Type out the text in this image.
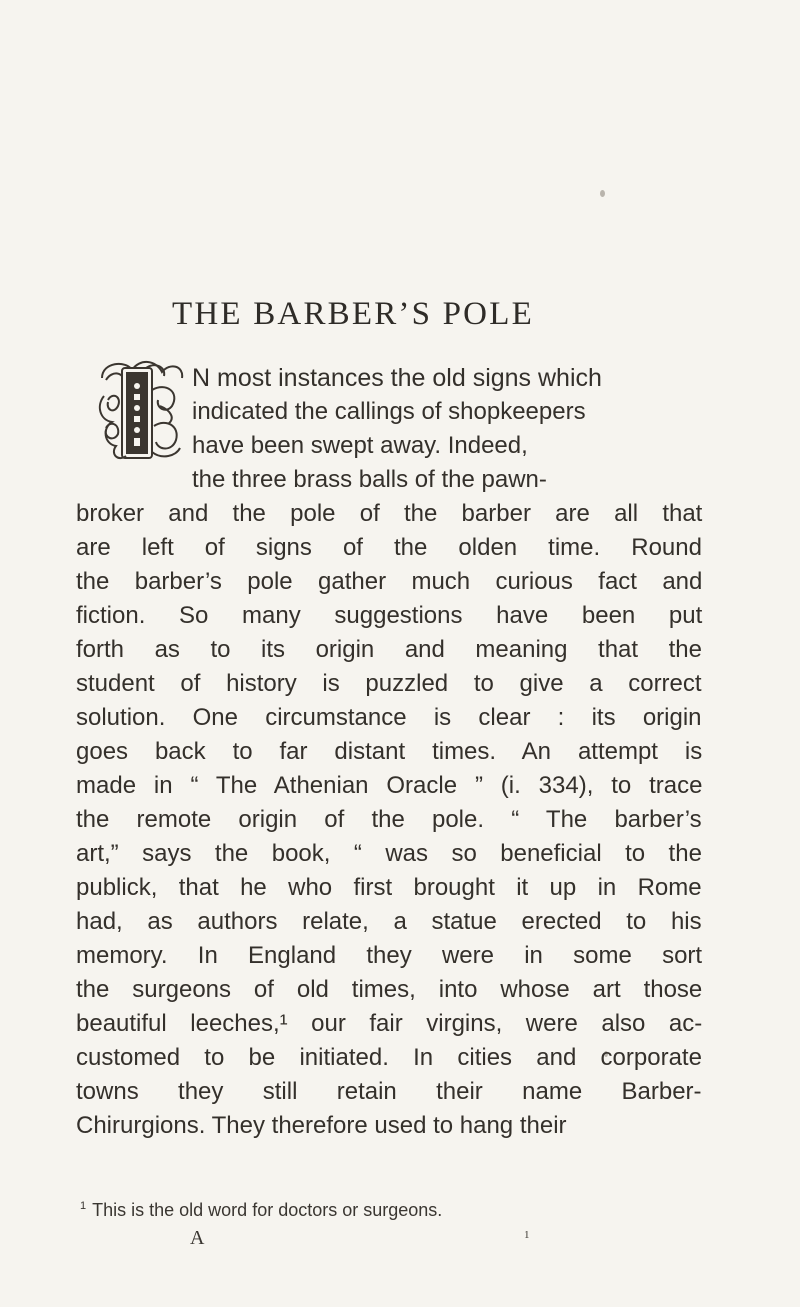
THE BARBER’S POLE
N most instances the old signs which
indicated the callings of shopkeepers
have been swept away. Indeed,
the three brass balls of the pawn-
broker and the pole of the barber are all that
are left of signs of the olden time. Round
the barber’s pole gather much curious fact and
fiction. So many suggestions have been put
forth as to its origin and meaning that the
student of history is puzzled to give a correct
solution. One circumstance is clear : its origin
goes back to far distant times. An attempt is
made in “ The Athenian Oracle ” (i. 334), to trace
the remote origin of the pole. “ The barber’s
art,” says the book, “ was so beneficial to the
publick, that he who first brought it up in Rome
had, as authors relate, a statue erected to his
memory. In England they were in some sort
the surgeons of old times, into whose art those
beautiful leeches,¹ our fair virgins, were also ac-
customed to be initiated. In cities and corporate
towns they still retain their name Barber-
Chirurgions. They therefore used to hang their
$^1$ This is the old word for doctors or surgeons.
A	1
